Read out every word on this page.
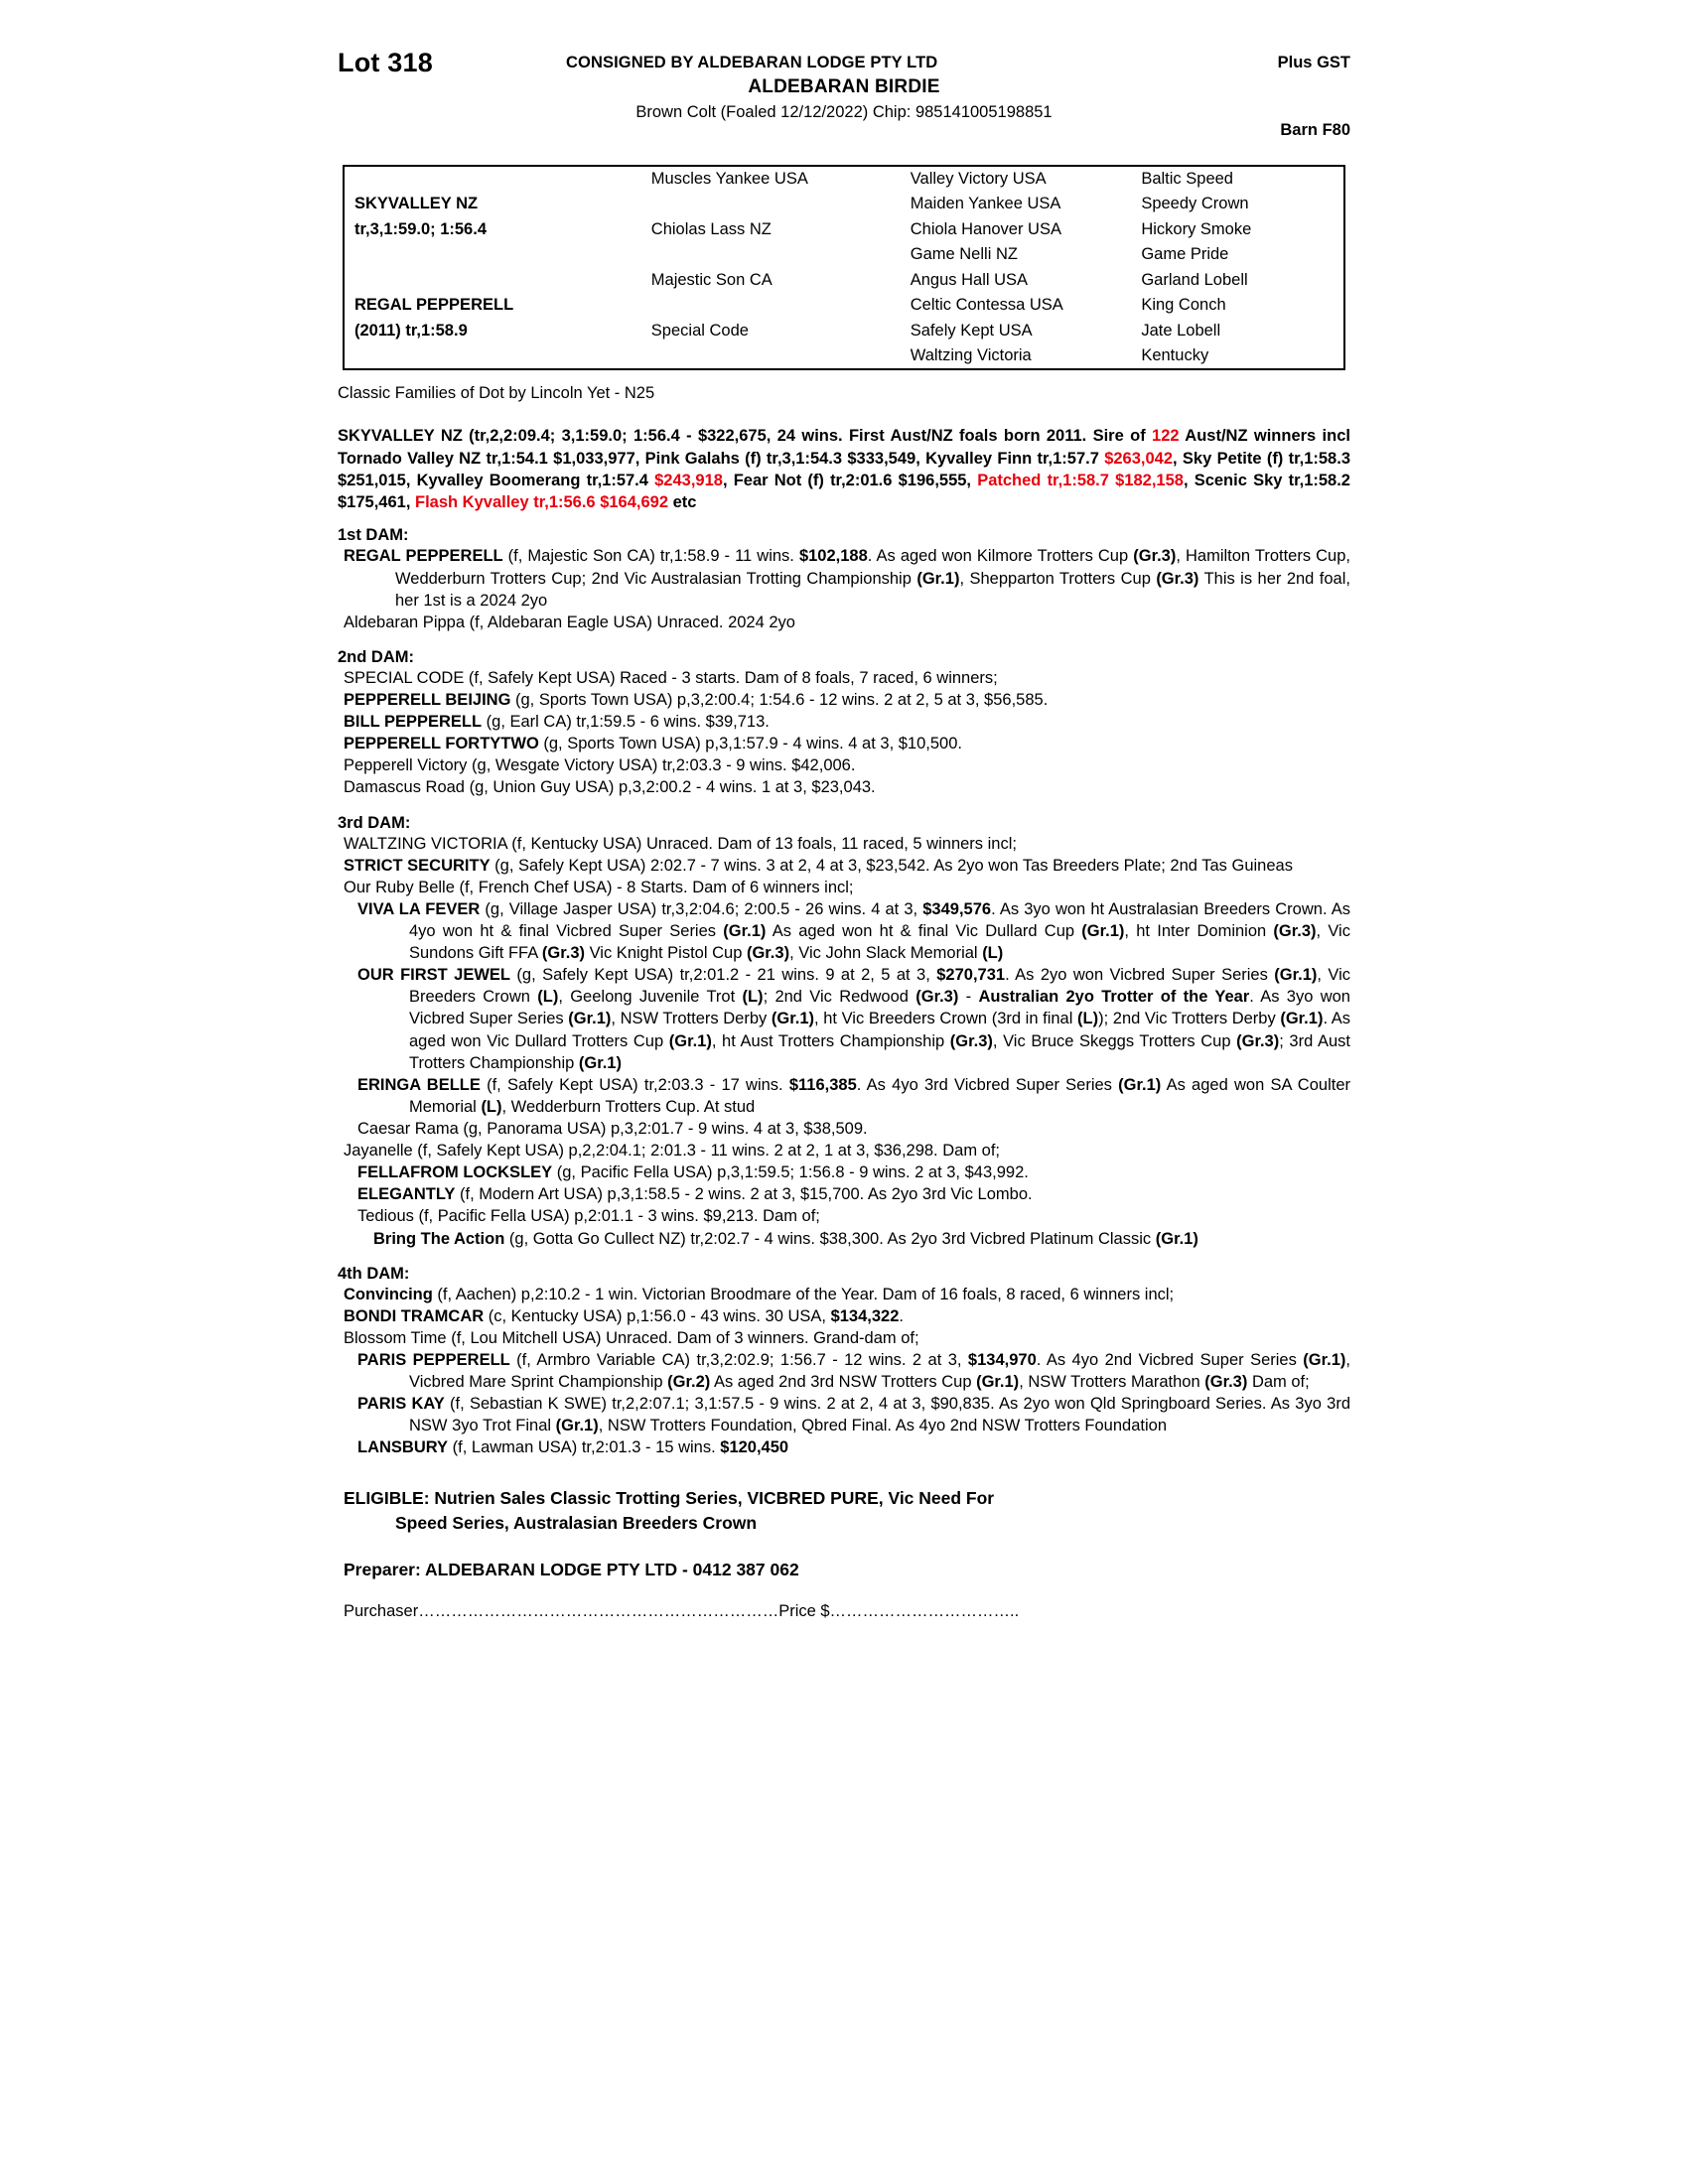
Lot 318	CONSIGNED BY ALDEBARAN LODGE PTY LTD	Plus GST
ALDEBARAN BIRDIE
Brown Colt (Foaled 12/12/2022) Chip: 985141005198851
Barn F80
	Muscles Yankee USA	Valley Victory USA	Baltic Speed
SKYVALLEY NZ		Maiden Yankee USA	Speedy Crown
tr,3,1:59.0; 1:56.4	Chiolas Lass NZ	Chiola Hanover USA	Hickory Smoke
		Game Nelli NZ	Game Pride
	Majestic Son CA	Angus Hall USA	Garland Lobell
REGAL PEPPERELL		Celtic Contessa USA	King Conch
(2011) tr,1:58.9	Special Code	Safely Kept USA	Jate Lobell
		Waltzing Victoria	Kentucky
Classic Families of Dot by Lincoln Yet - N25
SKYVALLEY NZ (tr,2,2:09.4; 3,1:59.0; 1:56.4 - $322,675, 24 wins. First Aust/NZ foals born 2011. Sire of 122 Aust/NZ winners incl Tornado Valley NZ tr,1:54.1 $1,033,977, Pink Galahs (f) tr,3,1:54.3 $333,549, Kyvalley Finn tr,1:57.7 $263,042, Sky Petite (f) tr,1:58.3 $251,015, Kyvalley Boomerang tr,1:57.4 $243,918, Fear Not (f) tr,2:01.6 $196,555, Patched tr,1:58.7 $182,158, Scenic Sky tr,1:58.2 $175,461, Flash Kyvalley tr,1:56.6 $164,692 etc
1st DAM:

REGAL PEPPERELL (f, Majestic Son CA) tr,1:58.9 - 11 wins. $102,188. As aged won Kilmore Trotters Cup (Gr.3), Hamilton Trotters Cup, Wedderburn Trotters Cup; 2nd Vic Australasian Trotting Championship (Gr.1), Shepparton Trotters Cup (Gr.3) This is her 2nd foal, her 1st is a 2024 2yo

Aldebaran Pippa (f, Aldebaran Eagle USA) Unraced. 2024 2yo

2nd DAM:

SPECIAL CODE (f, Safely Kept USA) Raced - 3 starts. Dam of 8 foals, 7 raced, 6 winners;

PEPPERELL BEIJING (g, Sports Town USA) p,3,2:00.4; 1:54.6 - 12 wins. 2 at 2, 5 at 3, $56,585.

BILL PEPPERELL (g, Earl CA) tr,1:59.5 - 6 wins. $39,713.

PEPPERELL FORTYTWO (g, Sports Town USA) p,3,1:57.9 - 4 wins. 4 at 3, $10,500.

Pepperell Victory (g, Wesgate Victory USA) tr,2:03.3 - 9 wins. $42,006.

Damascus Road (g, Union Guy USA) p,3,2:00.2 - 4 wins. 1 at 3, $23,043.

3rd DAM:

WALTZING VICTORIA (f, Kentucky USA) Unraced. Dam of 13 foals, 11 raced, 5 winners incl;

STRICT SECURITY (g, Safely Kept USA) 2:02.7 - 7 wins. 3 at 2, 4 at 3, $23,542. As 2yo won Tas Breeders Plate; 2nd Tas Guineas

Our Ruby Belle (f, French Chef USA) - 8 Starts. Dam of 6 winners incl;

VIVA LA FEVER (g, Village Jasper USA) tr,3,2:04.6; 2:00.5 - 26 wins. 4 at 3, $349,576. As 3yo won ht Australasian Breeders Crown. As 4yo won ht & final Vicbred Super Series (Gr.1) As aged won ht & final Vic Dullard Cup (Gr.1), ht Inter Dominion (Gr.3), Vic Sundons Gift FFA (Gr.3) Vic Knight Pistol Cup (Gr.3), Vic John Slack Memorial (L)

OUR FIRST JEWEL (g, Safely Kept USA) tr,2:01.2 - 21 wins. 9 at 2, 5 at 3, $270,731. As 2yo won Vicbred Super Series (Gr.1), Vic Breeders Crown (L), Geelong Juvenile Trot (L); 2nd Vic Redwood (Gr.3) - Australian 2yo Trotter of the Year. As 3yo won Vicbred Super Series (Gr.1), NSW Trotters Derby (Gr.1), ht Vic Breeders Crown (3rd in final (L)); 2nd Vic Trotters Derby (Gr.1). As aged won Vic Dullard Trotters Cup (Gr.1), ht Aust Trotters Championship (Gr.3), Vic Bruce Skeggs Trotters Cup (Gr.3); 3rd Aust Trotters Championship (Gr.1)

ERINGA BELLE (f, Safely Kept USA) tr,2:03.3 - 17 wins. $116,385. As 4yo 3rd Vicbred Super Series (Gr.1) As aged won SA Coulter Memorial (L), Wedderburn Trotters Cup. At stud

Caesar Rama (g, Panorama USA) p,3,2:01.7 - 9 wins. 4 at 3, $38,509.

Jayanelle (f, Safely Kept USA) p,2,2:04.1; 2:01.3 - 11 wins. 2 at 2, 1 at 3, $36,298. Dam of;

FELLAFROM LOCKSLEY (g, Pacific Fella USA) p,3,1:59.5; 1:56.8 - 9 wins. 2 at 3, $43,992.

ELEGANTLY (f, Modern Art USA) p,3,1:58.5 - 2 wins. 2 at 3, $15,700. As 2yo 3rd Vic Lombo.

Tedious (f, Pacific Fella USA) p,2:01.1 - 3 wins. $9,213. Dam of;

Bring The Action (g, Gotta Go Cullect NZ) tr,2:02.7 - 4 wins. $38,300. As 2yo 3rd Vicbred Platinum Classic (Gr.1)

4th DAM:

Convincing (f, Aachen) p,2:10.2 - 1 win. Victorian Broodmare of the Year. Dam of 16 foals, 8 raced, 6 winners incl;

BONDI TRAMCAR (c, Kentucky USA) p,1:56.0 - 43 wins. 30 USA, $134,322.

Blossom Time (f, Lou Mitchell USA) Unraced. Dam of 3 winners. Grand-dam of;

PARIS PEPPERELL (f, Armbro Variable CA) tr,3,2:02.9; 1:56.7 - 12 wins. 2 at 3, $134,970. As 4yo 2nd Vicbred Super Series (Gr.1), Vicbred Mare Sprint Championship (Gr.2) As aged 2nd 3rd NSW Trotters Cup (Gr.1), NSW Trotters Marathon (Gr.3) Dam of;

PARIS KAY (f, Sebastian K SWE) tr,2,2:07.1; 3,1:57.5 - 9 wins. 2 at 2, 4 at 3, $90,835. As 2yo won Qld Springboard Series. As 3yo 3rd NSW 3yo Trot Final (Gr.1), NSW Trotters Foundation, Qbred Final. As 4yo 2nd NSW Trotters Foundation

LANSBURY (f, Lawman USA) tr,2:01.3 - 15 wins. $120,450

ELIGIBLE: Nutrien Sales Classic Trotting Series, VICBRED PURE, Vic Need For
Speed Series, Australasian Breeders Crown
Preparer: ALDEBARAN LODGE PTY LTD - 0412 387 062
Purchaser…………………………………………………………Price $……………………………..
